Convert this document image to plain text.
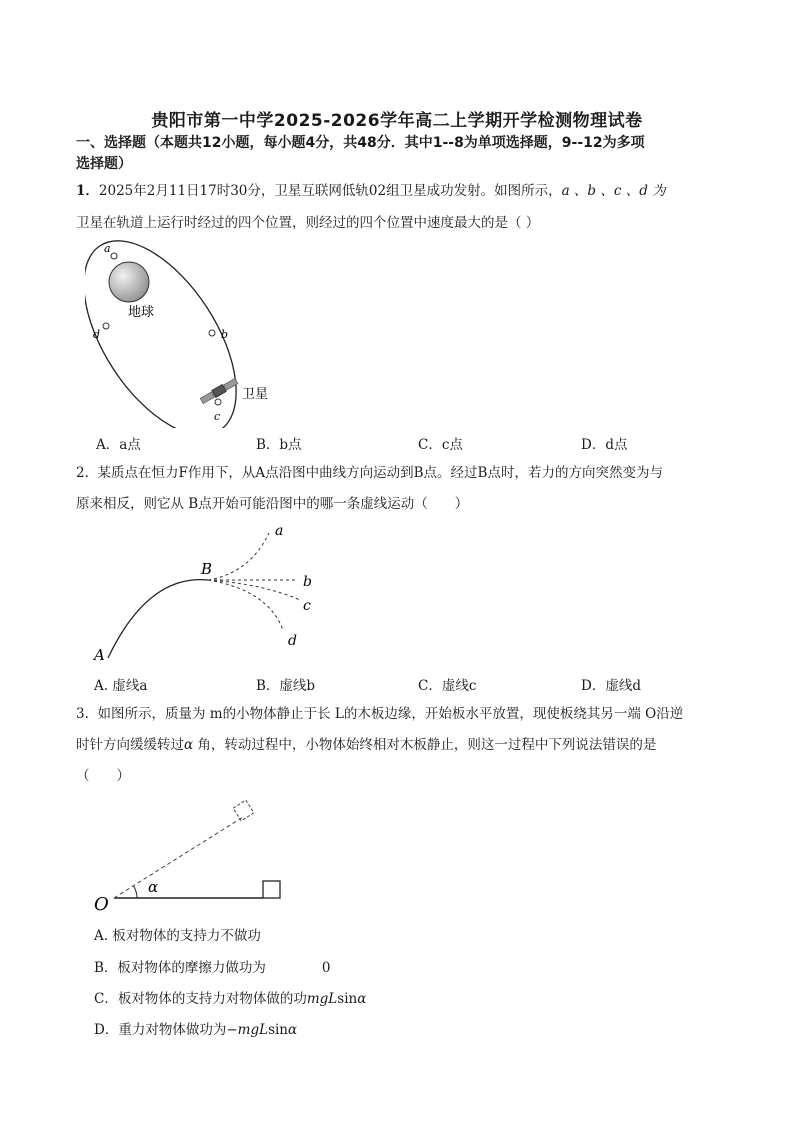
贵阳市第一中学2025-2026学年高二上学期开学检测物理试卷
一、选择题（本题共12小题，每小题4分，共48分．其中1--8为单项选择题，9--12为多项
选择题）
1．2025年2月11日17时30分，卫星互联网低轨02组卫星成功发射。如图所示，a 、b 、c 、d 为
卫星在轨道上运行时经过的四个位置，则经过的四个位置中速度最大的是（ ）
地球
a
b
d
c
卫星
A．a点	B．b点	C．c点	D．d点
2. 某质点在恒力F作用下，从A点沿图中曲线方向运动到B点。经过B点时，若力的方向突然变为与
原来相反，则它从 B点开始可能沿图中的哪一条虚线运动（　　）
A
B
a
b
c
d
A. 虚线a	B．虚线b	C．虚线c	D．虚线d
3. 如图所示，质量为 m的小物体静止于长 L的木板边缘，开始板水平放置，现使板绕其另一端 O沿逆
时针方向缓缓转过α 角，转动过程中，小物体始终相对木板静止，则这一过程中下列说法错误的是
（　　）
O
α
A. 板对物体的支持力不做功
B．板对物体的摩擦力做功为	0
C．板对物体的支持力对物体做的功mgLsinα
D．重力对物体做功为−mgLsinα
